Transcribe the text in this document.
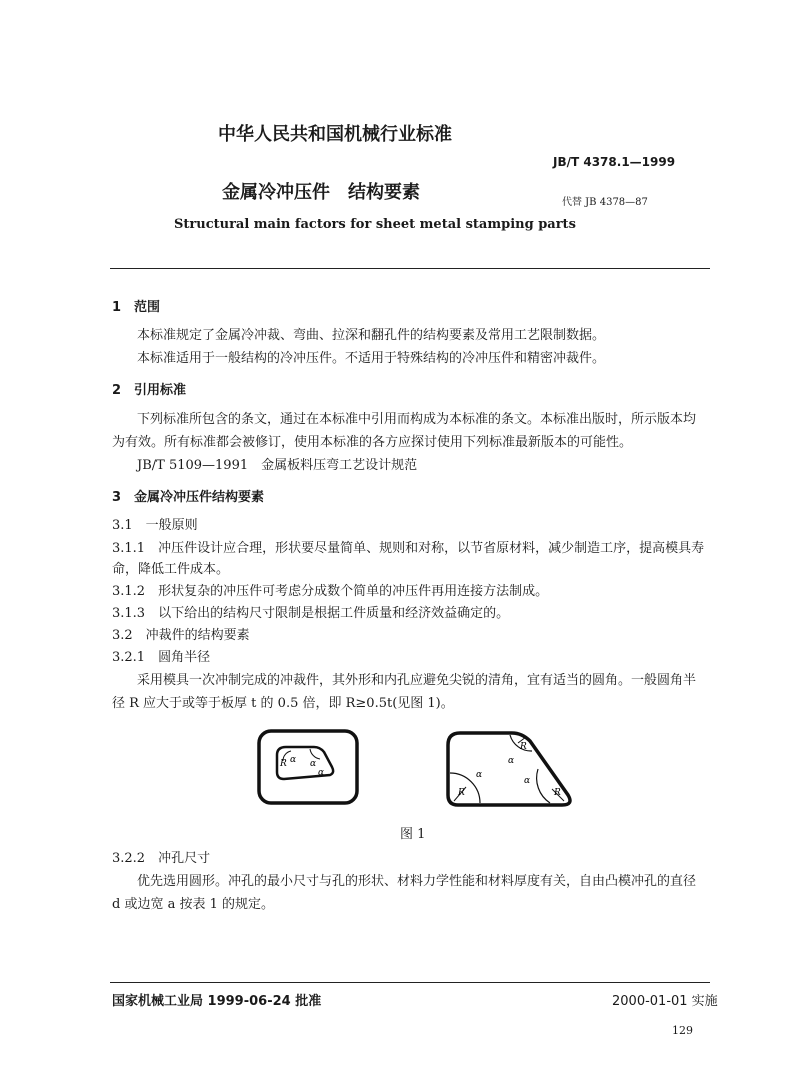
中华人民共和国机械行业标准
JB/T 4378.1—1999
金属冷冲压件　结构要素	代替 JB 4378—87
Structural main factors for sheet metal stamping parts
1　范围
本标准规定了金属冷冲裁、弯曲、拉深和翻孔件的结构要素及常用工艺限制数据。
本标准适用于一般结构的冷冲压件。不适用于特殊结构的冷冲压件和精密冲裁件。
2　引用标准
下列标准所包含的条文，通过在本标准中引用而构成为本标准的条文。本标准出版时，所示版本均
为有效。所有标准都会被修订，使用本标准的各方应探讨使用下列标准最新版本的可能性。
JB/T 5109—1991　金属板料压弯工艺设计规范
3　金属冷冲压件结构要素
3.1　一般原则
3.1.1　冲压件设计应合理，形状要尽量简单、规则和对称，以节省原材料，减少制造工序，提高模具寿
命，降低工件成本。
3.1.2　形状复杂的冲压件可考虑分成数个简单的冲压件再用连接方法制成。
3.1.3　以下给出的结构尺寸限制是根据工件质量和经济效益确定的。
3.2　冲裁件的结构要素
3.2.1　圆角半径
采用模具一次冲制完成的冲裁件，其外形和内孔应避免尖锐的清角，宜有适当的圆角。一般圆角半
径 R 应大于或等于板厚 t 的 0.5 倍，即 R≥0.5t(见图 1)。
R α α
α
R
R	R
α
α
α
图 1
3.2.2　冲孔尺寸
优先选用圆形。冲孔的最小尺寸与孔的形状、材料力学性能和材料厚度有关，自由凸模冲孔的直径
d 或边宽 a 按表 1 的规定。
国家机械工业局 1999-06-24 批准	2000-01-01 实施
129
